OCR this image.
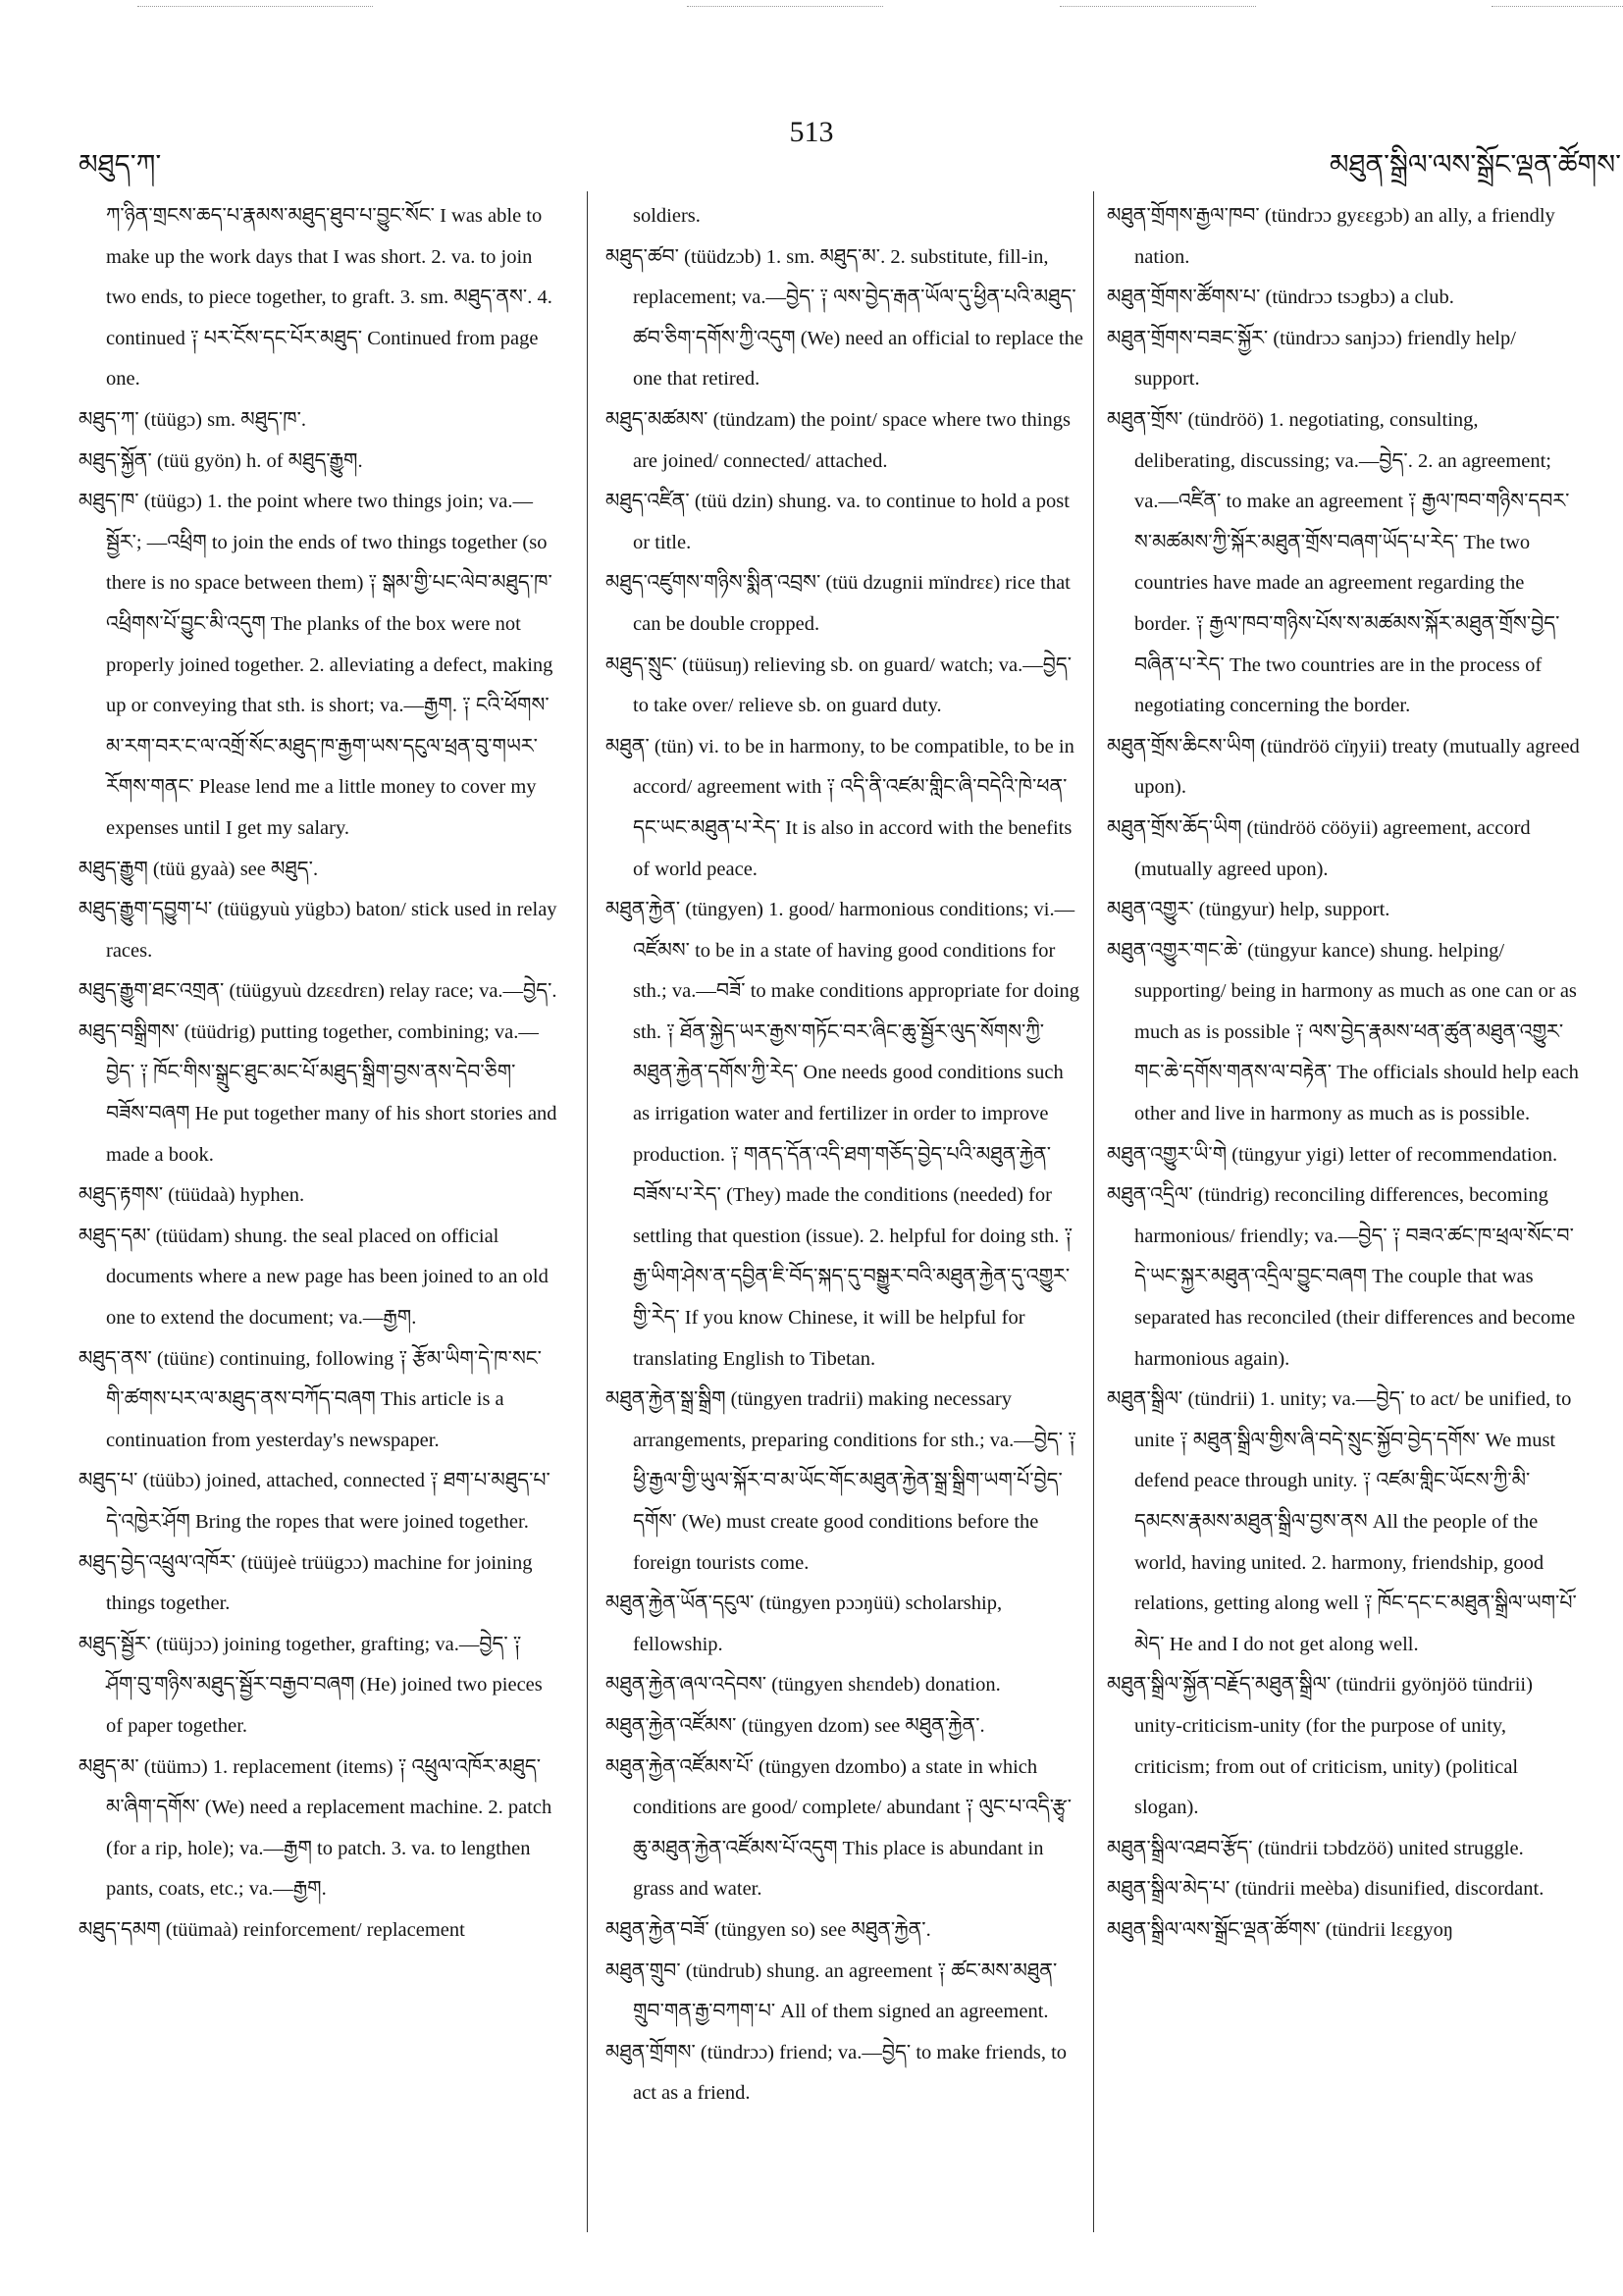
མཐུད་ཀ་
513
མཐུན་སྒྲིལ་ལས་སྒྲོང་ལྡན་ཚོགས་

ཀ་ཉིན་གྲངས་ཆད་པ་རྣམས་མཐུད་ཐུབ་པ་བྱུང་སོང་ I was able to make up the work days that I was short. 2. va. to join two ends, to piece together, to graft. 3. sm. མཐུད་ནས་. 4. continued ༑ པར་ངོས་དང་པོར་མཐུད་ Continued from page one.

མཐུད་ཀ་ (tüügɔ) sm. མཐུད་ཁ་.

མཐུད་སྐྱོན་ (tüü gyön) h. of མཐུད་རྒྱུག.

མཐུད་ཁ་ (tüügɔ) 1. the point where two things join; va.—སྦྱོར་; —འཕྲིག to join the ends of two things together (so there is no space between them) ༑ སྒམ་གྱི་པང་ལེབ་མཐུད་ཁ་འཕྲིགས་པོ་བྱུང་མི་འདུག The planks of the box were not properly joined together. 2. alleviating a defect, making up or conveying that sth. is short; va.—རྒྱག. ༑ ངའི་ཕོགས་མ་རག་བར་ང་ལ་འགྲོ་སོང་མཐུད་ཁ་རྒྱག་ཡས་དངུལ་ཕྲན་བུ་གཡར་རོགས་གནང་ Please lend me a little money to cover my expenses until I get my salary.

མཐུད་རྒྱུག (tüü gyaà) see མཐུད་.

མཐུད་རྒྱུག་དབྱུག་པ་ (tüügyuù yügbɔ) baton/ stick used in relay races.

མཐུད་རྒྱུག་ཐང་འགྲན་ (tüügyuù dzɛɛdrɛn) relay race; va.—བྱེད་.

མཐུད་བསྒྲིགས་ (tüüdrig) putting together, combining; va.—བྱེད་ ༑ ཁོང་གིས་སྒྲུང་ཐུང་མང་པོ་མཐུད་སྒྲིག་བྱས་ནས་དེབ་ཅིག་བཟོས་བཞག He put together many of his short stories and made a book.

མཐུད་རྟགས་ (tüüdaà) hyphen.

མཐུད་དམ་ (tüüdam) shung. the seal placed on official documents where a new page has been joined to an old one to extend the document; va.—རྒྱག.

མཐུད་ནས་ (tüünɛ) continuing, following ༑ རྩོམ་ཡིག་དེ་ཁ་སང་གི་ཚགས་པར་ལ་མཐུད་ནས་བཀོད་བཞག This article is a continuation from yesterday's newspaper.

མཐུད་པ་ (tüübɔ) joined, attached, connected ༑ ཐག་པ་མཐུད་པ་དེ་འཁྱེར་ཤོག Bring the ropes that were joined together.

མཐུད་བྱེད་འཕྲུལ་འཁོར་ (tüüjeè trüügɔɔ) machine for joining things together.

མཐུད་སྦྱོར་ (tüüjɔɔ) joining together, grafting; va.—བྱེད་ ༑ ཤོག་བུ་གཉིས་མཐུད་སྦྱོར་བརྒྱབ་བཞག (He) joined two pieces of paper together.

མཐུད་མ་ (tüümɔ) 1. replacement (items) ༑ འཕྲུལ་འཁོར་མཐུད་མ་ཞིག་དགོས་ (We) need a replacement machine. 2. patch (for a rip, hole); va.—རྒྱག to patch. 3. va. to lengthen pants, coats, etc.; va.—རྒྱག.

མཐུད་དམག (tüümaà) reinforcement/ replacement

soldiers.

མཐུད་ཚབ་ (tüüdzɔb) 1. sm. མཐུད་མ་. 2. substitute, fill-in, replacement; va.—བྱེད་ ༑ ལས་བྱེད་རྒན་ཡོལ་དུ་ཕྱིན་པའི་མཐུད་ཚབ་ཅིག་དགོས་ཀྱི་འདུག (We) need an official to replace the one that retired.

མཐུད་མཚམས་ (tündzam) the point/ space where two things are joined/ connected/ attached.

མཐུད་འཛིན་ (tüü dzin) shung. va. to continue to hold a post or title.

མཐུད་འཛུགས་གཉིས་སྨིན་འབྲས་ (tüü dzugnii mïndrɛɛ) rice that can be double cropped.

མཐུད་སྲུང་ (tüüsuŋ) relieving sb. on guard/ watch; va.—བྱེད་ to take over/ relieve sb. on guard duty.

མཐུན་ (tün) vi. to be in harmony, to be compatible, to be in accord/ agreement with ༑ འདི་ནི་འཛམ་གླིང་ཞི་བདེའི་ཁེ་ཕན་དང་ཡང་མཐུན་པ་རེད་ It is also in accord with the benefits of world peace.

མཐུན་རྐྱེན་ (tüngyen) 1. good/ harmonious conditions; vi.—འཛོམས་ to be in a state of having good conditions for sth.; va.—བཟོ་ to make conditions appropriate for doing sth. ༑ ཐོན་སྐྱེད་ཡར་རྒྱས་གཏོང་བར་ཞིང་ཆུ་སྦྱོར་ལུད་སོགས་ཀྱི་མཐུན་རྐྱེན་དགོས་ཀྱི་རེད་ One needs good conditions such as irrigation water and fertilizer in order to improve production. ༑ གནད་དོན་འདི་ཐག་གཅོད་བྱེད་པའི་མཐུན་རྐྱེན་བཟོས་པ་རེད་ (They) made the conditions (needed) for settling that question (issue). 2. helpful for doing sth. ༑ རྒྱ་ཡིག་ཤེས་ན་དབྱིན་ཇི་བོད་སྐད་དུ་བསྒྱུར་བའི་མཐུན་རྐྱེན་དུ་འགྱུར་གྱི་རེད་ If you know Chinese, it will be helpful for translating English to Tibetan.

མཐུན་རྐྱེན་སྒྲ་སྒྲིག (tüngyen tradrii) making necessary arrangements, preparing conditions for sth.; va.—བྱེད་ ༑ ཕྱི་རྒྱལ་གྱི་ཡུལ་སྐོར་བ་མ་ཡོང་གོང་མཐུན་རྐྱེན་སྒྲ་སྒྲིག་ཡག་པོ་བྱེད་དགོས་ (We) must create good conditions before the foreign tourists come.

མཐུན་རྐྱེན་ཡོན་དངུལ་ (tüngyen pɔɔŋüü) scholarship, fellowship.

མཐུན་རྐྱེན་ཞལ་འདེབས་ (tüngyen shɛndeb) donation.

མཐུན་རྐྱེན་འཛོམས་ (tüngyen dzom) see མཐུན་རྐྱེན་.

མཐུན་རྐྱེན་འཛོམས་པོ་ (tüngyen dzombo) a state in which conditions are good/ complete/ abundant ༑ ལུང་པ་འདི་རྩྭ་ཆུ་མཐུན་རྐྱེན་འཛོམས་པོ་འདུག This place is abundant in grass and water.

མཐུན་རྐྱེན་བཟོ་ (tüngyen so) see མཐུན་རྐྱེན་.

མཐུན་གྲུབ་ (tündrub) shung. an agreement ༑ ཚང་མས་མཐུན་གྲུབ་གན་རྒྱ་བཀག་པ་ All of them signed an agreement.

མཐུན་གྲོགས་ (tündrɔɔ) friend; va.—བྱེད་ to make friends, to act as a friend.

མཐུན་གྲོགས་རྒྱལ་ཁབ་ (tündrɔɔ gyɛɛgɔb) an ally, a friendly nation.

མཐུན་གྲོགས་ཚོགས་པ་ (tündrɔɔ tsɔgbɔ) a club.

མཐུན་གྲོགས་བཟང་སྐྱོར་ (tündrɔɔ sanjɔɔ) friendly help/ support.

མཐུན་གྲོས་ (tündröö) 1. negotiating, consulting, deliberating, discussing; va.—བྱེད་. 2. an agreement; va.—འཛིན་ to make an agreement ༑ རྒྱལ་ཁབ་གཉིས་དབར་ས་མཚམས་ཀྱི་སྐོར་མཐུན་གྲོས་བཞག་ཡོད་པ་རེད་ The two countries have made an agreement regarding the border. ༑ རྒྱལ་ཁབ་གཉིས་པོས་ས་མཚམས་སྐོར་མཐུན་གྲོས་བྱེད་བཞིན་པ་རེད་ The two countries are in the process of negotiating concerning the border.

མཐུན་གྲོས་ཆིངས་ཡིག (tündröö cïŋyii) treaty (mutually agreed upon).

མཐུན་གྲོས་ཆོད་ཡིག (tündröö cööyii) agreement, accord (mutually agreed upon).

མཐུན་འགྱུར་ (tüngyur) help, support.

མཐུན་འགྱུར་གང་ཆེ་ (tüngyur kance) shung. helping/ supporting/ being in harmony as much as one can or as much as is possible ༑ ལས་བྱེད་རྣམས་ཕན་ཚུན་མཐུན་འགྱུར་གང་ཆེ་དགོས་གནས་ལ་བརྟེན་ The officials should help each other and live in harmony as much as is possible.

མཐུན་འགྱུར་ཡི་གེ (tüngyur yigi) letter of recommendation.

མཐུན་འདྲིལ་ (tündrig) reconciling differences, becoming harmonious/ friendly; va.—བྱེད་ ༑ བཟའ་ཚང་ཁ་ཕྲལ་སོང་བ་དེ་ཡང་སྐྱར་མཐུན་འདྲིལ་བྱུང་བཞག The couple that was separated has reconciled (their differences and become harmonious again).

མཐུན་སྒྲིལ་ (tündrii) 1. unity; va.—བྱེད་ to act/ be unified, to unite ༑ མཐུན་སྒྲིལ་གྱིས་ཞི་བདེ་སྲུང་སྐྱོབ་བྱེད་དགོས་ We must defend peace through unity. ༑ འཛམ་གླིང་ཡོངས་ཀྱི་མི་དམངས་རྣམས་མཐུན་སྒྲིལ་བྱས་ནས All the people of the world, having united. 2. harmony, friendship, good relations, getting along well ༑ ཁོང་དང་ང་མཐུན་སྒྲིལ་ཡག་པོ་མེད་ He and I do not get along well.

མཐུན་སྒྲིལ་སྐྱོན་བརྗོད་མཐུན་སྒྲིལ་ (tündrii gyönjöö tündrii) unity-criticism-unity (for the purpose of unity, criticism; from out of criticism, unity) (political slogan).

མཐུན་སྒྲིལ་འཐབ་རྩོད་ (tündrii tɔbdzöö) united struggle.

མཐུན་སྒྲིལ་མེད་པ་ (tündrii meèba) disunified, discordant.

མཐུན་སྒྲིལ་ལས་སྒྲོང་ལྡན་ཚོགས་ (tündrii lɛɛgyoŋ
